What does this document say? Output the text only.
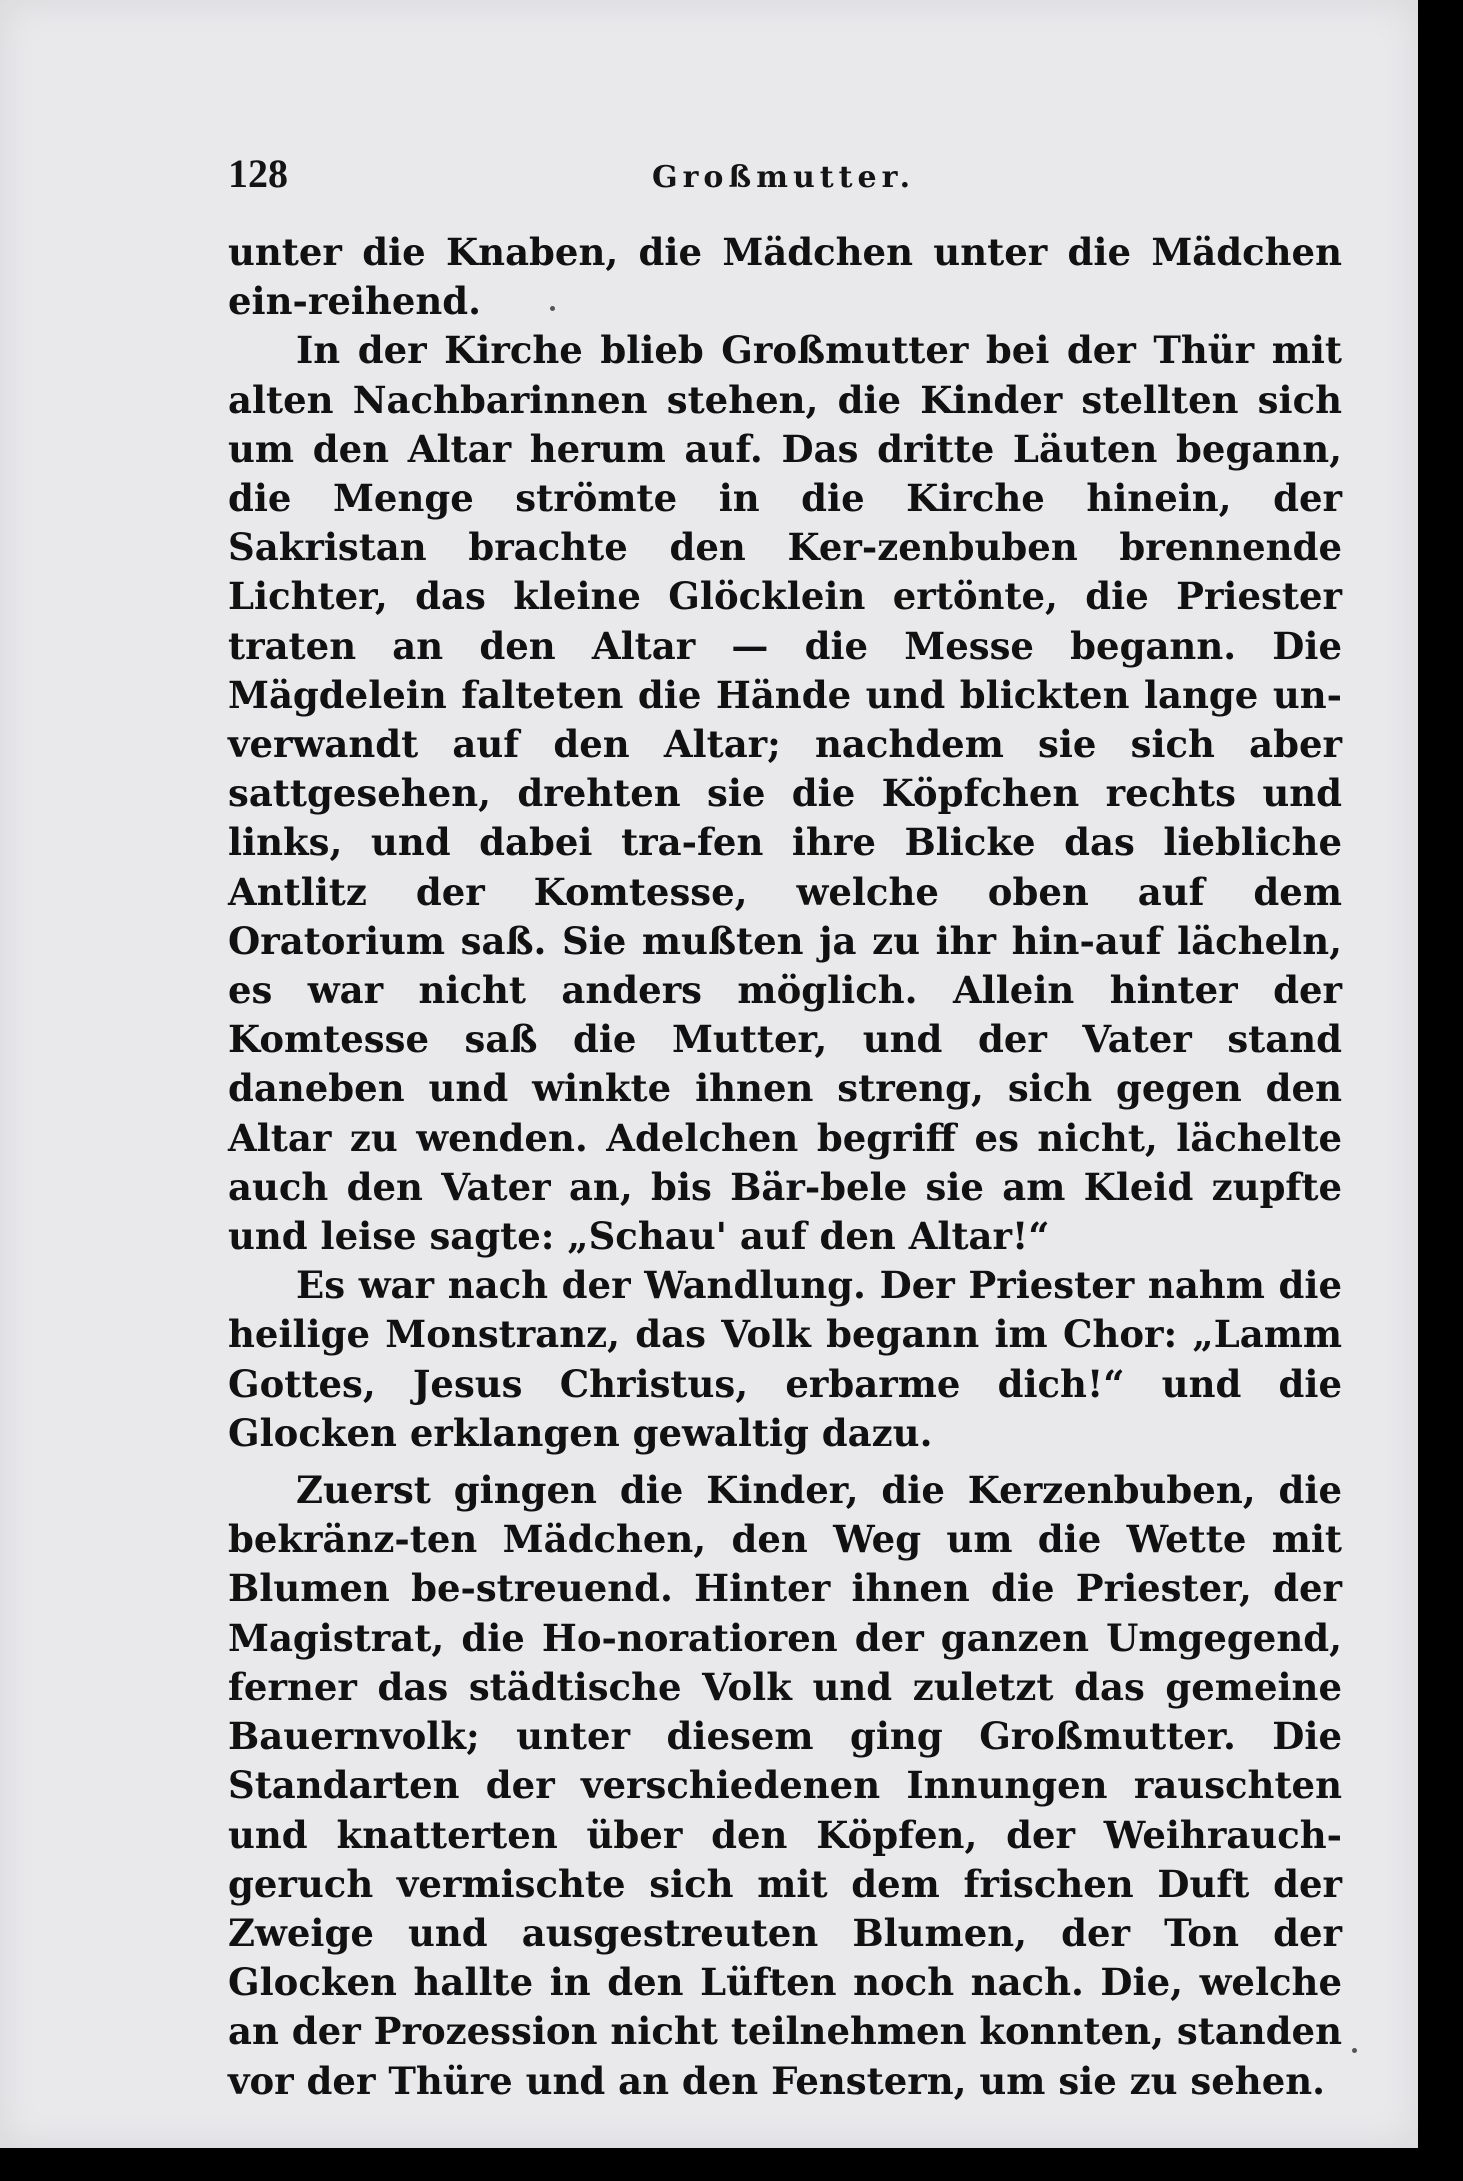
128	Großmutter.

unter die Knaben, die Mädchen unter die Mädchen ein-reihend.

In der Kirche blieb Großmutter bei der Thür mit alten Nachbarinnen stehen, die Kinder stellten sich um den Altar herum auf. Das dritte Läuten begann, die Menge strömte in die Kirche hinein, der Sakristan brachte den Ker-zenbuben brennende Lichter, das kleine Glöcklein ertönte, die Priester traten an den Altar — die Messe begann. Die Mägdelein falteten die Hände und blickten lange un-verwandt auf den Altar; nachdem sie sich aber sattgesehen, drehten sie die Köpfchen rechts und links, und dabei tra-fen ihre Blicke das liebliche Antlitz der Komtesse, welche oben auf dem Oratorium saß. Sie mußten ja zu ihr hin-auf lächeln, es war nicht anders möglich. Allein hinter der Komtesse saß die Mutter, und der Vater stand daneben und winkte ihnen streng, sich gegen den Altar zu wenden. Adelchen begriff es nicht, lächelte auch den Vater an, bis Bär-bele sie am Kleid zupfte und leise sagte: „Schau' auf den Altar!“

Es war nach der Wandlung. Der Priester nahm die heilige Monstranz, das Volk begann im Chor: „Lamm Gottes, Jesus Christus, erbarme dich!“ und die Glocken erklangen gewaltig dazu.

Zuerst gingen die Kinder, die Kerzenbuben, die bekränz-ten Mädchen, den Weg um die Wette mit Blumen be-streuend. Hinter ihnen die Priester, der Magistrat, die Ho-noratioren der ganzen Umgegend, ferner das städtische Volk und zuletzt das gemeine Bauernvolk; unter diesem ging Großmutter. Die Standarten der verschiedenen Innungen rauschten und knatterten über den Köpfen, der Weihrauch-geruch vermischte sich mit dem frischen Duft der Zweige und ausgestreuten Blumen, der Ton der Glocken hallte in den Lüften noch nach. Die, welche an der Prozession nicht teilnehmen konnten, standen vor der Thüre und an den Fenstern, um sie zu sehen.
